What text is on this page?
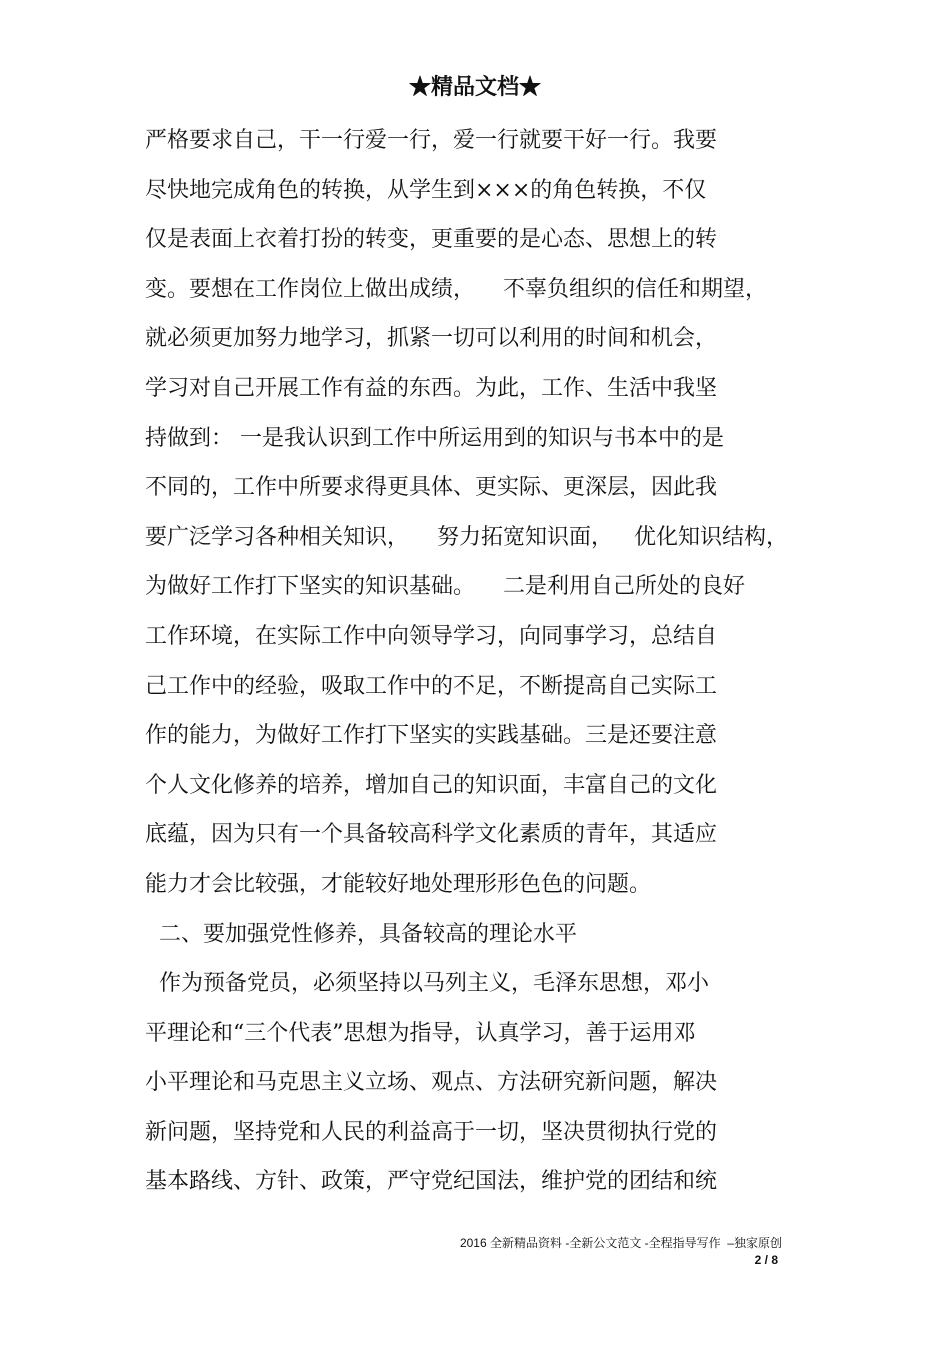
★精品文档★
严格要求自己，干一行爱一行，爱一行就要干好一行。我要
尽快地完成角色的转换，从学生到×××的角色转换，不仅
仅是表面上衣着打扮的转变，更重要的是心态、思想上的转
变。要想在工作岗位上做出成绩，    不辜负组织的信任和期望，
就必须更加努力地学习，抓紧一切可以利用的时间和机会，
学习对自己开展工作有益的东西。为此，工作、生活中我坚
持做到： 一是我认识到工作中所运用到的知识与书本中的是
不同的，工作中所要求得更具体、更实际、更深层，因此我
要广泛学习各种相关知识，    努力拓宽知识面，   优化知识结构，
为做好工作打下坚实的知识基础。    二是利用自己所处的良好
工作环境，在实际工作中向领导学习，向同事学习，总结自
己工作中的经验，吸取工作中的不足，不断提高自己实际工
作的能力，为做好工作打下坚实的实践基础。三是还要注意
个人文化修养的培养，增加自己的知识面，丰富自己的文化
底蕴，因为只有一个具备较高科学文化素质的青年，其适应
能力才会比较强，才能较好地处理形形色色的问题。
二、要加强党性修养，具备较高的理论水平
作为预备党员，必须坚持以马列主义，毛泽东思想，邓小
平理论和“三个代表”思想为指导，认真学习，善于运用邓
小平理论和马克思主义立场、观点、方法研究新问题，解决
新问题，坚持党和人民的利益高于一切，坚决贯彻执行党的
基本路线、方针、政策，严守党纪国法，维护党的团结和统
2016 全新精品资料 -全新公文范文 -全程指导写作  –独家原创
2 / 8
